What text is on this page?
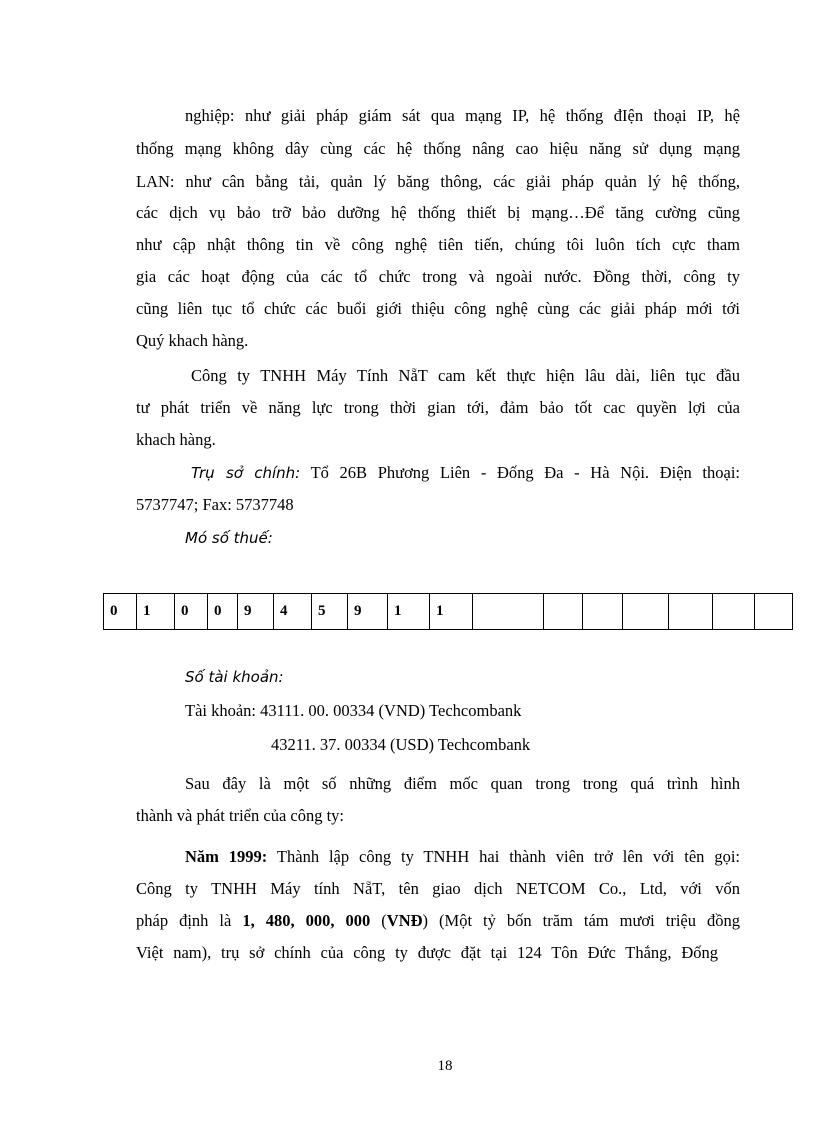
nghiệp: như giải pháp giám sát qua mạng IP, hệ thống đIện thoại IP, hệ
thống mạng không dây cùng các hệ thống nâng cao hiệu năng sử dụng mạng
LAN: như cân bằng tải, quản lý băng thông, các giải pháp quản lý hệ thống,
các dịch vụ bảo trỡ bảo dưỡng hệ thống thiết bị mạng…Để tăng cường cũng
như cập nhật thông tin về công nghệ tiên tiến, chúng tôi luôn tích cực tham
gia các hoạt động của các tổ chức trong và ngoài nước. Đồng thời, công ty
cũng liên tục tổ chức các buổi giới thiệu công nghệ cùng các giải pháp mới tới
Quý khach hàng.
Công ty TNHH Máy Tính NẵT cam kết thực hiện lâu dài, liên tục đầu
tư phát triển về năng lực trong thời gian tới, đảm bảo tốt cac quyền lợi của
khach hàng.
Trụ sở chính: Tổ 26B Phương Liên - Đống Đa - Hà Nội. Điện thoại:
5737747; Fax: 5737748
Mó số thuế:
0	1	0	0	9	4	5	9	1	1							
Số tài khoản:
Tài khoản: 43111. 00. 00334 (VND) Techcombank
43211. 37. 00334 (USD) Techcombank
Sau đây là một số những điểm mốc quan trong trong quá trình hình
thành và phát triển của công ty:
Năm 1999: Thành lập công ty TNHH hai thành viên trở lên với tên gọi:
Công ty TNHH Máy tính NẵT, tên giao dịch NETCOM Co., Ltd, với vốn
pháp định là 1, 480, 000, 000 (VNĐ) (Một tỷ bốn trăm tám mươi triệu đồng
Việt nam), trụ sở chính của công ty được đặt tại 124 Tôn Đức Thắng, Đống
18
